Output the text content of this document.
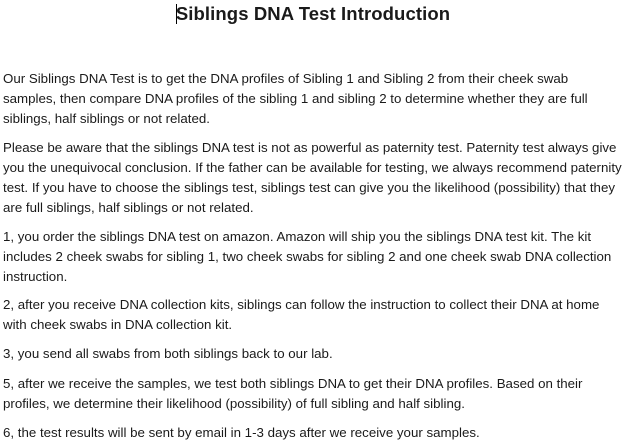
Siblings DNA Test Introduction

Our Siblings DNA Test is to get the DNA profiles of Sibling 1 and Sibling 2 from their cheek swab samples, then compare DNA profiles of the sibling 1 and sibling 2 to determine whether they are full siblings, half siblings or not related.

Please be aware that the siblings DNA test is not as powerful as paternity test. Paternity test always give you the unequivocal conclusion. If the father can be available for testing, we always recommend paternity test. If you have to choose the siblings test, siblings test can give you the likelihood (possibility) that they are full siblings, half siblings or not related.

1, you order the siblings DNA test on amazon. Amazon will ship you the siblings DNA test kit. The kit includes 2 cheek swabs for sibling 1, two cheek swabs for sibling 2 and one cheek swab DNA collection instruction.

2, after you receive DNA collection kits, siblings can follow the instruction to collect their DNA at home with cheek swabs in DNA collection kit.

3, you send all swabs from both siblings back to our lab.

5, after we receive the samples, we test both siblings DNA to get their DNA profiles. Based on their profiles, we determine their likelihood (possibility) of full sibling and half sibling.

6, the test results will be sent by email in 1-3 days after we receive your samples.
